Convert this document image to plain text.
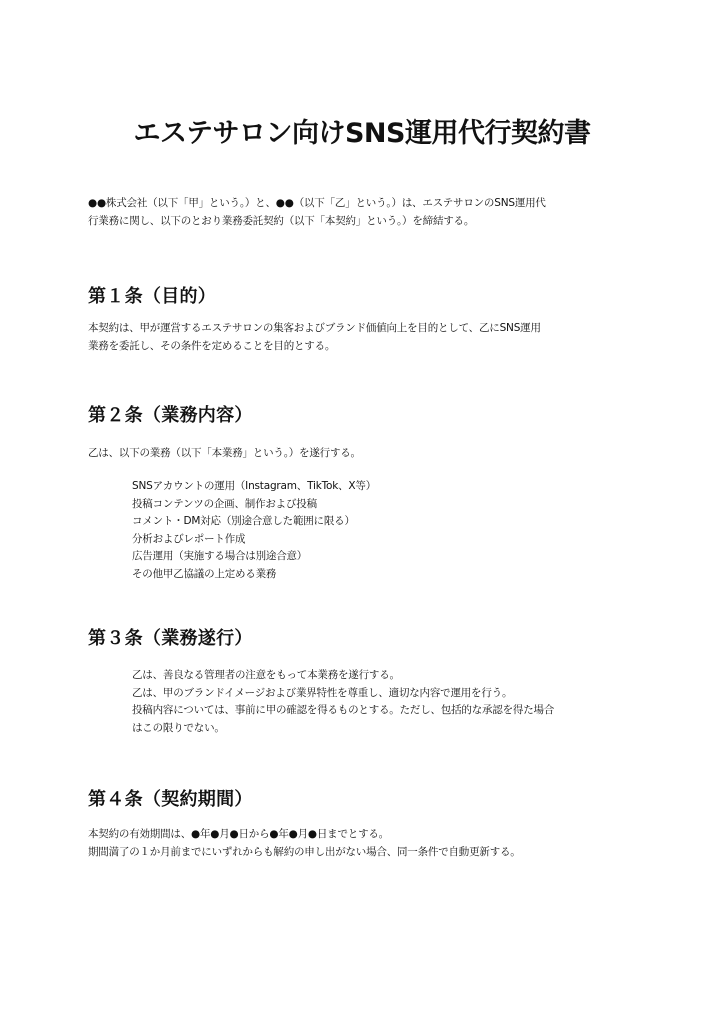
エステサロン向けSNS運用代行契約書
●●株式会社（以下「甲」という。）と、●●（以下「乙」という。）は、エステサロンのSNS運用代
行業務に関し、以下のとおり業務委託契約（以下「本契約」という。）を締結する。
第１条（目的）
本契約は、甲が運営するエステサロンの集客およびブランド価値向上を目的として、乙にSNS運用
業務を委託し、その条件を定めることを目的とする。
第２条（業務内容）
乙は、以下の業務（以下「本業務」という。）を遂行する。
SNSアカウントの運用（Instagram、TikTok、X等）
投稿コンテンツの企画、制作および投稿
コメント・DM対応（別途合意した範囲に限る）
分析およびレポート作成
広告運用（実施する場合は別途合意）
その他甲乙協議の上定める業務
第３条（業務遂行）
乙は、善良なる管理者の注意をもって本業務を遂行する。
乙は、甲のブランドイメージおよび業界特性を尊重し、適切な内容で運用を行う。
投稿内容については、事前に甲の確認を得るものとする。ただし、包括的な承認を得た場合
はこの限りでない。
第４条（契約期間）
本契約の有効期間は、●年●月●日から●年●月●日までとする。
期間満了の１か月前までにいずれからも解約の申し出がない場合、同一条件で自動更新する。
